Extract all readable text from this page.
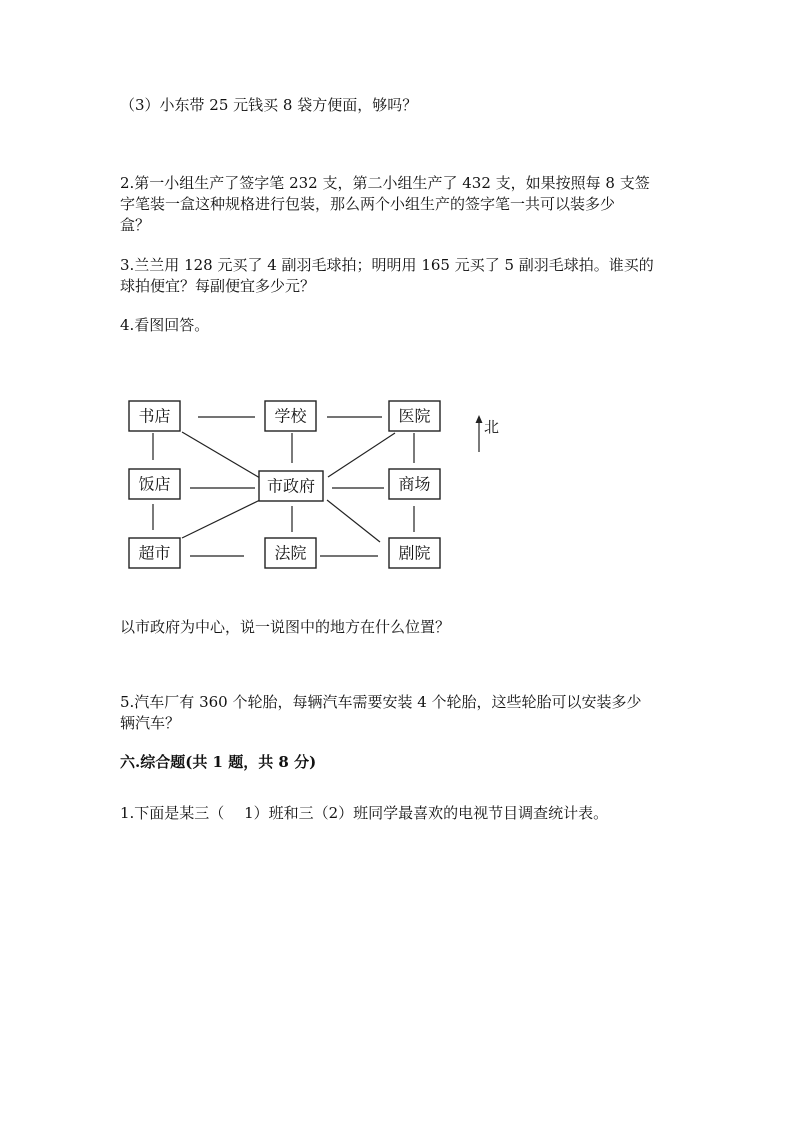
（3）小东带 25 元钱买 8 袋方便面，够吗？
2.第一小组生产了签字笔 232 支，第二小组生产了 432 支，如果按照每 8 支签
字笔装一盒这种规格进行包装，那么两个小组生产的签字笔一共可以装多少
盒？
3.兰兰用 128 元买了 4 副羽毛球拍；明明用 165 元买了 5 副羽毛球拍。谁买的
球拍便宜？每副便宜多少元？
4.看图回答。
书店	学校	医院
饭店	市政府	商场
超市	法院	剧院
北
以市政府为中心，说一说图中的地方在什么位置？
5.汽车厂有 360 个轮胎，每辆汽车需要安装 4 个轮胎，这些轮胎可以安装多少
辆汽车？
六.综合题(共 1 题，共 8 分)
1.下面是某三（　 1）班和三（2）班同学最喜欢的电视节目调查统计表。
